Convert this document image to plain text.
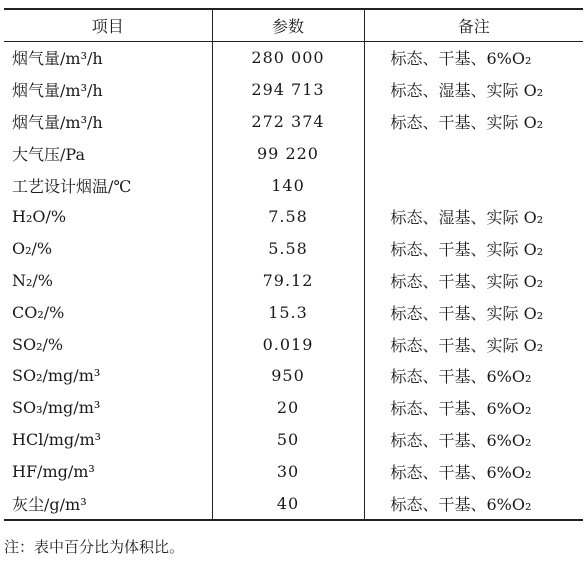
项目	参数	备注
烟气量/m³/h	280 000	标态、干基、6%O₂
烟气量/m³/h	294 713	标态、湿基、实际 O₂
烟气量/m³/h	272 374	标态、干基、实际 O₂
大气压/Pa	99 220	
工艺设计烟温/℃	140	
H₂O/%	7.58	标态、湿基、实际 O₂
O₂/%	5.58	标态、干基、实际 O₂
N₂/%	79.12	标态、干基、实际 O₂
CO₂/%	15.3	标态、干基、实际 O₂
SO₂/%	0.019	标态、干基、实际 O₂
SO₂/mg/m³	950	标态、干基、6%O₂
SO₃/mg/m³	20	标态、干基、6%O₂
HCl/mg/m³	50	标态、干基、6%O₂
HF/mg/m³	30	标态、干基、6%O₂
灰尘/g/m³	40	标态、干基、6%O₂
注：表中百分比为体积比。
